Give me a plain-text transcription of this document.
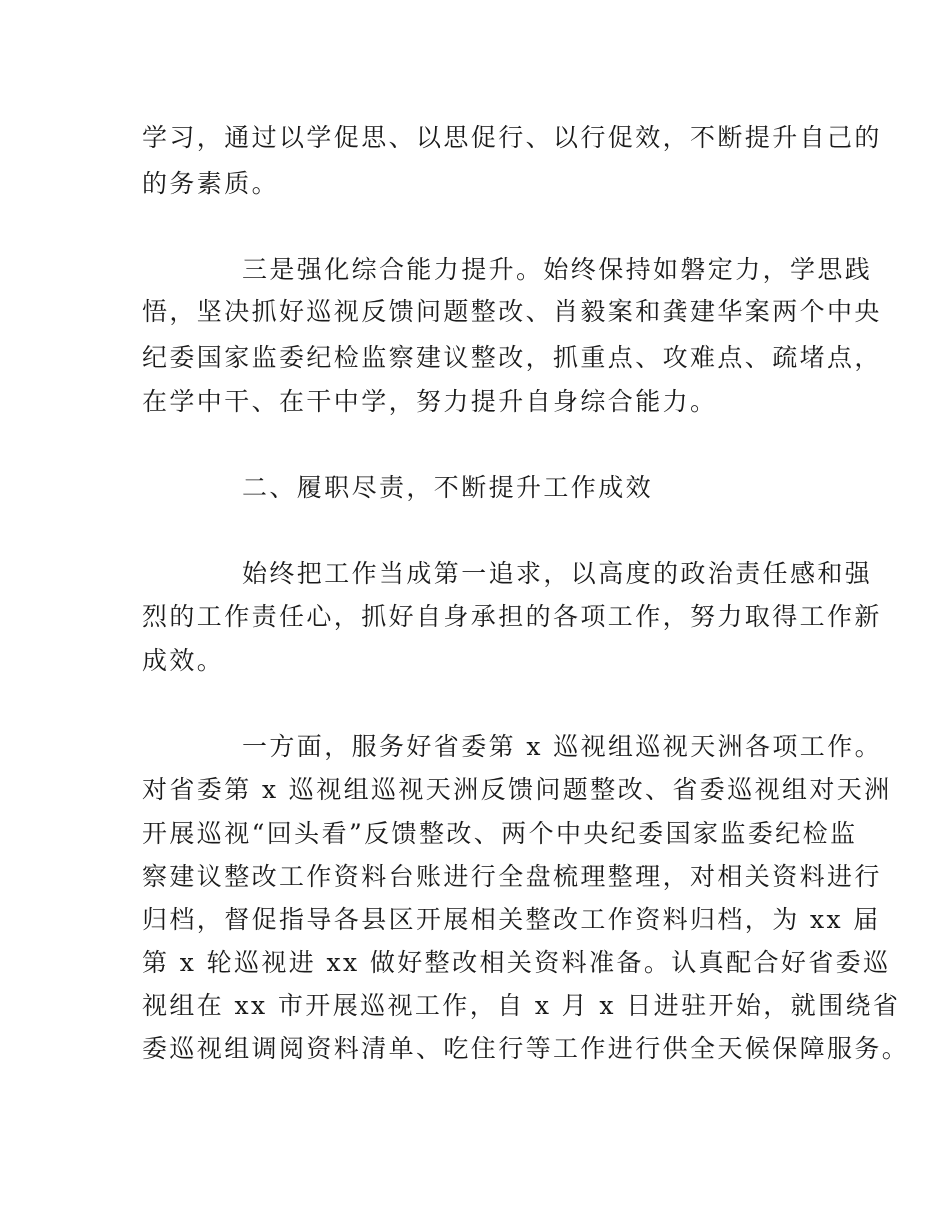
学习，通过以学促思、以思促行、以行促效，不断提升自己的
的务素质。
三是强化综合能力提升。始终保持如磐定力，学思践
悟，坚决抓好巡视反馈问题整改、肖毅案和龚建华案两个中央
纪委国家监委纪检监察建议整改，抓重点、攻难点、疏堵点，
在学中干、在干中学，努力提升自身综合能力。
二、履职尽责，不断提升工作成效
始终把工作当成第一追求，以高度的政治责任感和强
烈的工作责任心，抓好自身承担的各项工作，努力取得工作新
成效。
一方面，服务好省委第 x 巡视组巡视天洲各项工作。
对省委第 x 巡视组巡视天洲反馈问题整改、省委巡视组对天洲
开展巡视“回头看”反馈整改、两个中央纪委国家监委纪检监
察建议整改工作资料台账进行全盘梳理整理，对相关资料进行
归档，督促指导各县区开展相关整改工作资料归档，为 xx 届
第 x 轮巡视进 xx 做好整改相关资料准备。认真配合好省委巡
视组在 xx 市开展巡视工作，自 x 月 x 日进驻开始，就围绕省
委巡视组调阅资料清单、吃住行等工作进行供全天候保障服务。
